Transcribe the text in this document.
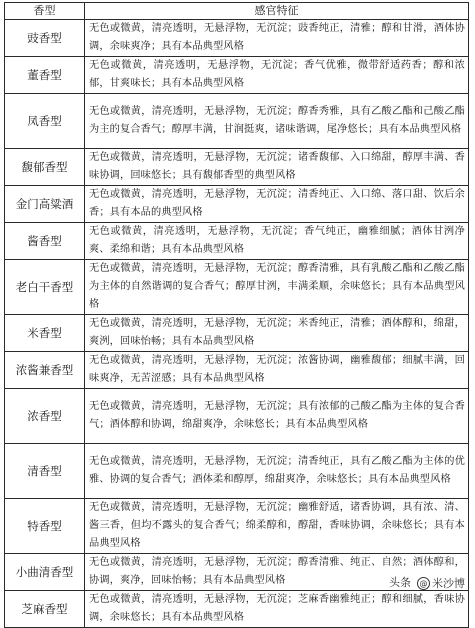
香型	感官特征
豉香型	无色或微黄，清亮透明，无悬浮物，无沉淀；豉香纯正，清雅；醇和甘滑，酒体协调，余味爽净；具有本品典型风格
董香型	无色或微黄，清亮透明，无悬浮物，无沉淀；香气优雅，微带舒适药香；醇和浓郁，甘爽味长；具有本品典型风格
凤香型	无色或微黄，清亮透明，无悬浮物，无沉淀；醇香秀雅，具有乙酸乙酯和己酸乙酯为主的复合香气；醇厚丰满，甘润挺爽，诸味谐调，尾净悠长；具有本品典型风格
馥郁香型	无色或微黄，清亮透明，无悬浮物，无沉淀；诸香馥郁、入口绵甜，醇厚丰满、香味协调，回味悠长；具有馥郁香型的典型风格
金门高粱酒	无色或微黄，清亮透明，无悬浮物，无沉淀；清香纯正、入口绵、落口甜、饮后余香；具有本品的典型风格
酱香型	无色或微黄，清亮透明，无悬浮物，无沉淀；香气纯正，幽雅细腻；酒体甘洌净爽、柔绵和谐；具有本品典型风格
老白干香型	无色或微黄，清亮透明，无悬浮物，无沉淀；醇香清雅，具有乳酸乙酯和乙酸乙酯为主体的自然谐调的复合香气；醇厚甘洌，丰满柔顺，余味悠长；具有本品典型风格
米香型	无色或微黄，清亮透明，无悬浮物，无沉淀；米香纯正，清雅；酒体醇和，绵甜，爽洌，回味怡畅；具有本品典型风格
浓酱兼香型	无色或微黄，清亮透明，无悬浮物，无沉淀；浓酱协调，幽雅馥郁；细腻丰满，回味爽净，无苦涩感；具有本品典型风格
浓香型	无色或微黄，清亮透明，无悬浮物，无沉淀；具有浓郁的己酸乙酯为主体的复合香气；酒体醇和协调，绵甜爽净，余味悠长；具有本品典型风格
清香型	无色或微黄，清亮透明，无悬浮物，无沉淀；清香纯正，具有乙酸乙酯为主体的优雅、协调的复合香气；酒体柔和醇厚，绵甜爽净，余味悠长；具有本品典型风格
特香型	无色或微黄，清亮透明，无悬浮物，无沉淀；幽雅舒适，诸香协调，具有浓、清、酱三香，但均不露头的复合香气；绵柔醇和，醇甜，香味协调，余味悠长；具有本品典型风格
小曲清香型	无色或微黄，清亮透明，无悬浮物，无沉淀；醇香清雅、纯正、自然；酒体醇和，协调，爽净，回味怡畅；具有本品典型风格
芝麻香型	无色或微黄，清亮透明，无悬浮物，无沉淀；芝麻香幽雅纯正；醇和细腻，香味协调，余味悠长；具有本品典型风格
头条	@ 米沙博
